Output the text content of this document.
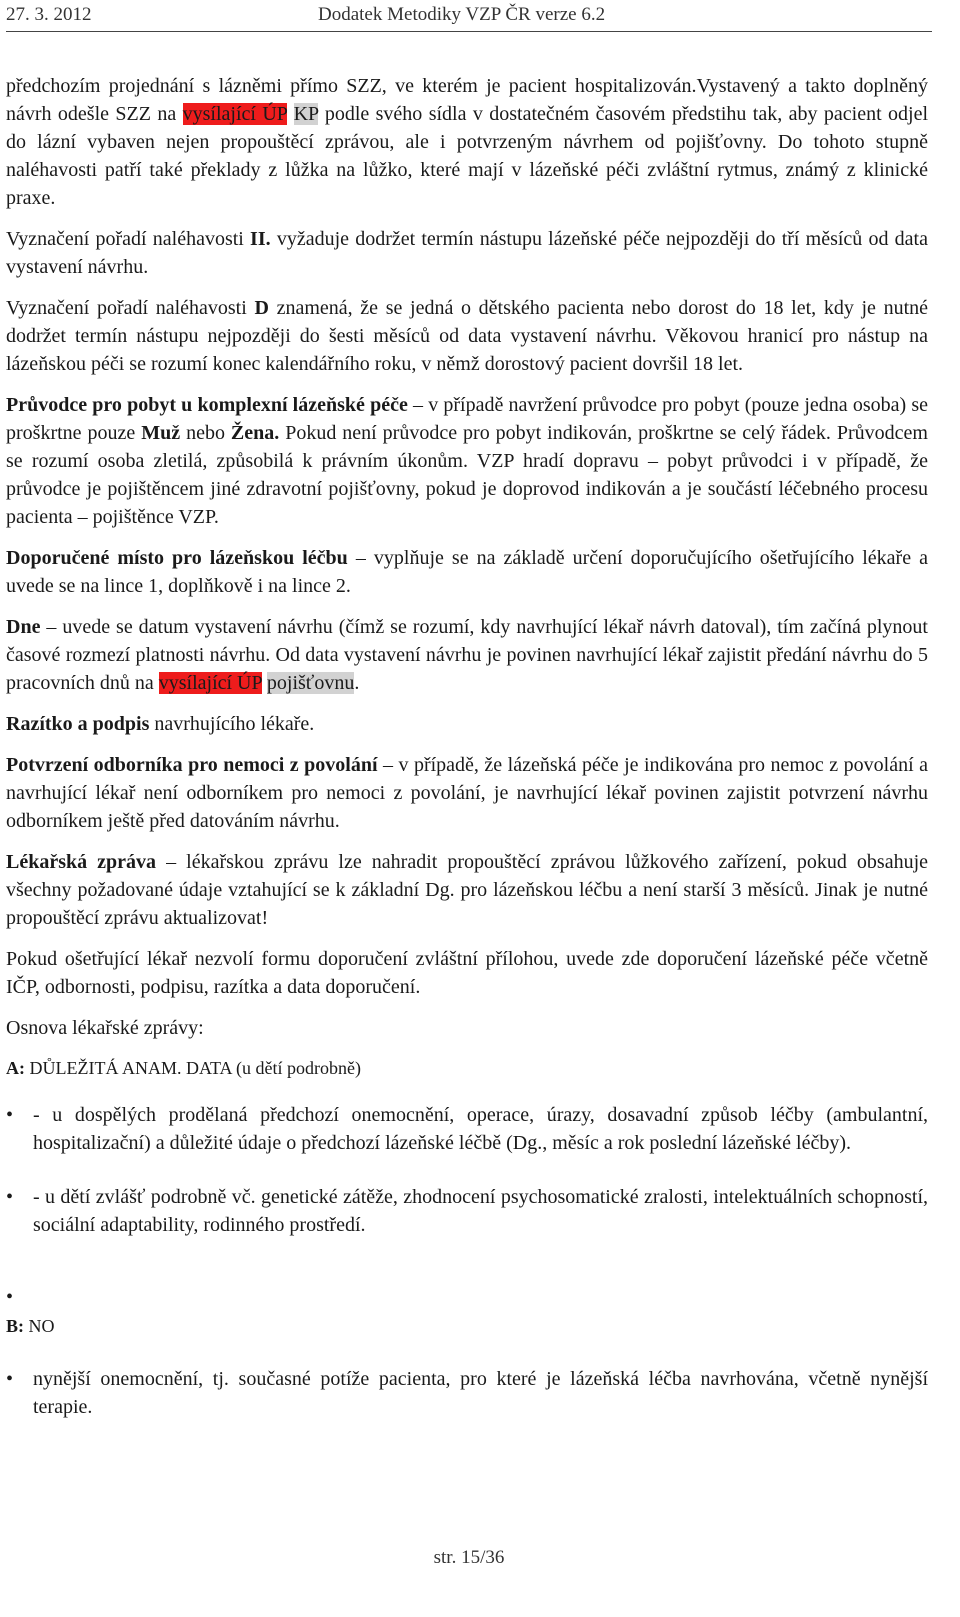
27. 3. 2012	Dodatek Metodiky VZP ČR verze 6.2

předchozím projednání s lázněmi přímo SZZ, ve kterém je pacient hospitalizován.Vystavený a takto doplněný návrh odešle SZZ na vysílající ÚP KP podle svého sídla v dostatečném časovém předstihu tak, aby pacient odjel do lázní vybaven nejen propouštěcí zprávou, ale i potvrzeným návrhem od pojišťovny. Do tohoto stupně naléhavosti patří také překlady z lůžka na lůžko, které mají v lázeňské péči zvláštní rytmus, známý z klinické praxe.

Vyznačení pořadí naléhavosti II. vyžaduje dodržet termín nástupu lázeňské péče nejpozději do tří měsíců od data vystavení návrhu.

Vyznačení pořadí naléhavosti D znamená, že se jedná o dětského pacienta nebo dorost do 18 let, kdy je nutné dodržet termín nástupu nejpozději do šesti měsíců od data vystavení návrhu. Věkovou hranicí pro nástup na lázeňskou péči se rozumí konec kalendářního roku, v němž dorostový pacient dovršil 18 let.

Průvodce pro pobyt u komplexní lázeňské péče – v případě navržení průvodce pro pobyt (pouze jedna osoba) se proškrtne pouze Muž nebo Žena. Pokud není průvodce pro pobyt indikován, proškrtne se celý řádek. Průvodcem se rozumí osoba zletilá, způsobilá k právním úkonům. VZP hradí dopravu – pobyt průvodci i v případě, že průvodce je pojištěncem jiné zdravotní pojišťovny, pokud je doprovod indikován a je součástí léčebného procesu pacienta – pojištěnce VZP.

Doporučené místo pro lázeňskou léčbu – vyplňuje se na základě určení doporučujícího ošetřujícího lékaře a uvede se na lince 1, doplňkově i na lince 2.

Dne – uvede se datum vystavení návrhu (čímž se rozumí, kdy navrhující lékař návrh datoval), tím začíná plynout časové rozmezí platnosti návrhu. Od data vystavení návrhu je povinen navrhující lékař zajistit předání návrhu do 5 pracovních dnů na vysílající ÚP pojišťovnu.

Razítko a podpis navrhujícího lékaře.

Potvrzení odborníka pro nemoci z povolání – v případě, že lázeňská péče je indikována pro nemoc z povolání a navrhující lékař není odborníkem pro nemoci z povolání, je navrhující lékař povinen zajistit potvrzení návrhu odborníkem ještě před datováním návrhu.

Lékařská zpráva – lékařskou zprávu lze nahradit propouštěcí zprávou lůžkového zařízení, pokud obsahuje všechny požadované údaje vztahující se k základní Dg. pro lázeňskou léčbu a není starší 3 měsíců. Jinak je nutné propouštěcí zprávu aktualizovat!

Pokud ošetřující lékař nezvolí formu doporučení zvláštní přílohou, uvede zde doporučení lázeňské péče včetně IČP, odbornosti, podpisu, razítka a data doporučení.

Osnova lékařské zprávy:

A: DŮLEŽITÁ ANAM. DATA (u dětí podrobně)

• - u dospělých prodělaná předchozí onemocnění, operace, úrazy, dosavadní způsob léčby (ambulantní, hospitalizační) a důležité údaje o předchozí lázeňské léčbě (Dg., měsíc a rok poslední lázeňské léčby).
• - u dětí zvlášť podrobně vč. genetické zátěže, zhodnocení psychosomatické zralosti, intelektuálních schopností, sociální adaptability, rodinného prostředí.
•

B: NO

• nynější onemocnění, tj. současné potíže pacienta, pro které je lázeňská léčba navrhována, včetně nynější terapie.
str. 15/36
